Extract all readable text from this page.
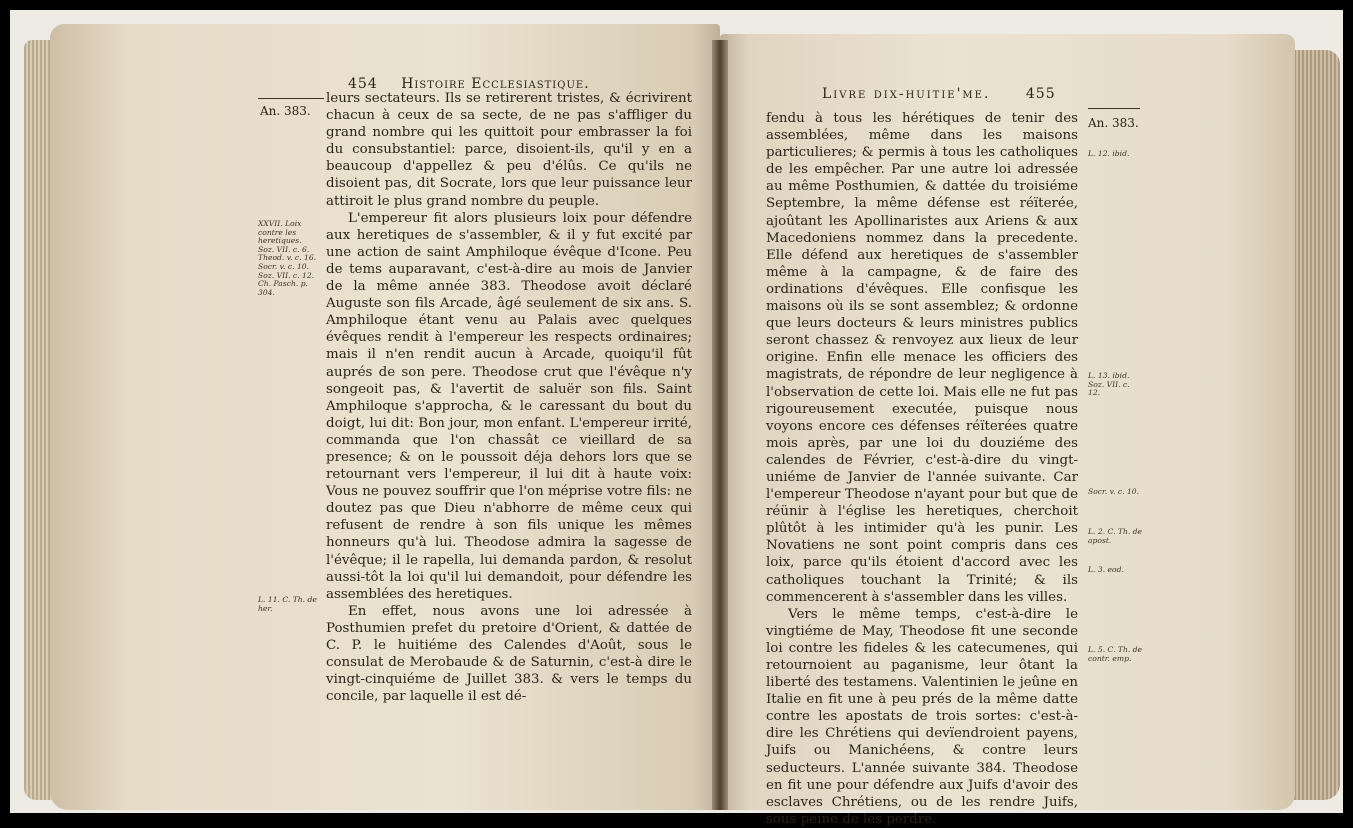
454 Histoire Ecclesiastique.
An. 383.
XXVII. Loix contre les heretiques. Soz. VII. c. 6. Theod. v. c. 16. Socr. v. c. 10. Soz. VII. c. 12. Ch. Pasch. p. 304.
L. 11. C. Th. de her.

leurs sectateurs. Ils se retirerent tristes, & écrivirent chacun à ceux de sa secte, de ne pas s'affliger du grand nombre qui les quittoit pour embrasser la foi du consubstantiel: parce, disoient-ils, qu'il y en a beaucoup d'appellez & peu d'élûs. Ce qu'ils ne disoient pas, dit Socrate, lors que leur puissance leur attiroit le plus grand nombre du peuple.

L'empereur fit alors plusieurs loix pour défendre aux heretiques de s'assembler, & il y fut excité par une action de saint Amphiloque évêque d'Icone. Peu de tems auparavant, c'est-à-dire au mois de Janvier de la même année 383. Theodose avoit déclaré Auguste son fils Arcade, âgé seulement de six ans. S. Amphiloque étant venu au Palais avec quelques évêques rendit à l'empereur les respects ordinaires; mais il n'en rendit aucun à Arcade, quoiqu'il fût auprés de son pere. Theodose crut que l'évêque n'y songeoit pas, & l'avertit de saluër son fils. Saint Amphiloque s'approcha, & le caressant du bout du doigt, lui dit: Bon jour, mon enfant. L'empereur irrité, commanda que l'on chassât ce vieillard de sa presence; & on le poussoit déja dehors lors que se retournant vers l'empereur, il lui dit à haute voix: Vous ne pouvez souffrir que l'on méprise votre fils: ne doutez pas que Dieu n'abhorre de même ceux qui refusent de rendre à son fils unique les mêmes honneurs qu'à lui. Theodose admira la sagesse de l'évêque; il le rapella, lui demanda pardon, & resolut aussi-tôt la loi qu'il lui demandoit, pour défendre les assemblées des heretiques.

En effet, nous avons une loi adressée à Posthumien prefet du pretoire d'Orient, & dattée de C. P. le huitiéme des Calendes d'Août, sous le consulat de Merobaude & de Saturnin, c'est-à dire le vingt-cinquiéme de Juillet 383. & vers le temps du concile, par laquelle il est dé-

Livre dix-huitie'me.	455
An. 383.
L. 12. ibid.
L. 13. ibid. Soz. VII. c. 12.
Socr. v. c. 10.
L. 2. C. Th. de apost.
L. 3. eod.
L. 5. C. Th. de contr. emp.

fendu à tous les hérétiques de tenir des assemblées, même dans les maisons particulieres; & permis à tous les catholiques de les empêcher. Par une autre loi adressée au même Posthumien, & dattée du troisiéme Septembre, la même défense est réïterée, ajoûtant les Apollinaristes aux Ariens & aux Macedoniens nommez dans la precedente. Elle défend aux heretiques de s'assembler même à la campagne, & de faire des ordinations d'évêques. Elle confisque les maisons où ils se sont assemblez; & ordonne que leurs docteurs & leurs ministres publics seront chassez & renvoyez aux lieux de leur origine. Enfin elle menace les officiers des magistrats, de répondre de leur negligence à l'observation de cette loi. Mais elle ne fut pas rigoureusement executée, puisque nous voyons encore ces défenses réïterées quatre mois après, par une loi du douziéme des calendes de Février, c'est-à-dire du vingt-uniéme de Janvier de l'année suivante. Car l'empereur Theodose n'ayant pour but que de réünir à l'église les heretiques, cherchoit plûtôt à les intimider qu'à les punir. Les Novatiens ne sont point compris dans ces loix, parce qu'ils étoient d'accord avec les catholiques touchant la Trinité; & ils commencerent à s'assembler dans les villes.

Vers le même temps, c'est-à-dire le vingtiéme de May, Theodose fit une seconde loi contre les fideles & les catecumenes, qui retournoient au paganisme, leur ôtant la liberté des testamens. Valentinien le jeûne en Italie en fit une à peu prés de la même datte contre les apostats de trois sortes: c'est-à-dire les Chrétiens qui devïendroient payens, Juifs ou Manichéens, & contre leurs seducteurs. L'année suivante 384. Theodose en fit une pour défendre aux Juifs d'avoir des esclaves Chrétiens, ou de les rendre Juifs, sous peine de les perdre.
